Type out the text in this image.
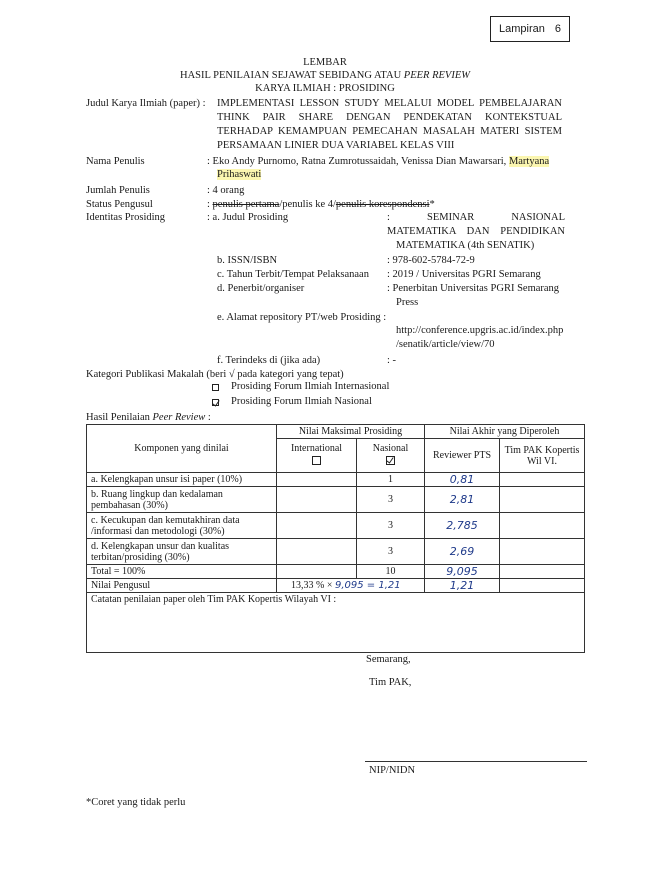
Lampiran 6
LEMBAR
HASIL PENILAIAN SEJAWAT SEBIDANG ATAU PEER REVIEW
KARYA ILMIAH : PROSIDING
Judul Karya Ilmiah (paper) : IMPLEMENTASI LESSON STUDY MELALUI MODEL PEMBELAJARAN
THINK PAIR SHARE DENGAN PENDEKATAN KONTEKSTUAL
TERHADAP KEMAMPUAN PEMECAHAN MASALAH MATERI SISTEM
PERSAMAAN LINIER DUA VARIABEL KELAS VIII
Nama Penulis	: Eko Andy Purnomo, Ratna Zumrotussaidah, Venissa Dian Mawarsari, Martyana
Prihaswati
Jumlah Penulis	: 4 orang
Status Pengusul	: penulis pertama/penulis ke 4/penulis korespondensi*
Identitas Prosiding	: a. Judul Prosiding	: SEMINAR NASIONAL
MATEMATIKA DAN PENDIDIKAN
MATEMATIKA (4th SENATIK)
b. ISSN/ISBN	: 978-602-5784-72-9
c. Tahun Terbit/Tempat Pelaksanaan : 2019 / Universitas PGRI Semarang
d. Penerbit/organiser	: Penerbitan Universitas PGRI Semarang
Press
e. Alamat repository PT/web Prosiding :
http://conference.upgris.ac.id/index.php
/senatik/article/view/70
f. Terindeks di (jika ada)	: -
Kategori Publikasi Makalah (beri √ pada kategori yang tepat)
Prosiding Forum Ilmiah Internasional
Prosiding Forum Ilmiah Nasional
Hasil Penilaian Peer Review :
Komponen yang dinilai	Nilai Maksimal Prosiding		Nilai Akhir yang Diperoleh	

	International	Nasional	Reviewer PTS	Tim PAK Kopertis Wil VI.
a. Kelengkapan unsur isi paper (10%)		1	0,81	
b. Ruang lingkup dan kedalaman pembahasan (30%)		3	2,81	
c. Kecukupan dan kemutakhiran data /informasi dan metodologi (30%)		3	2,785	
d. Kelengkapan unsur dan kualitas terbitan/prosiding (30%)		3	2,69	
Total = 100%		10	9,095	
Nilai Pengusul	13,33 % × 9,095 = 1,21		1,21	
Catatan penilaian paper oleh Tim PAK Kopertis Wilayah VI :				
Semarang,
Tim PAK,
NIP/NIDN
*Coret yang tidak perlu
